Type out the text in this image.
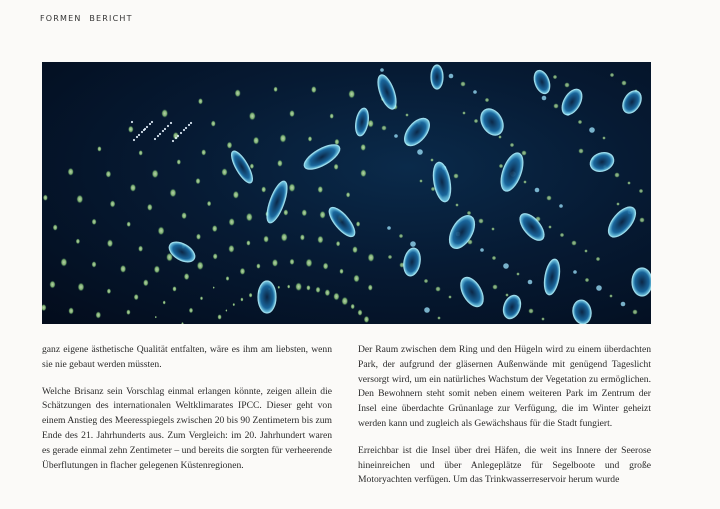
FORMEN BERICHT

ganz eigene ästhetische Qualität entfalten, wäre es ihm am liebsten, wenn sie nie gebaut werden müssten.

Welche Brisanz sein Vorschlag einmal erlangen könnte, zeigen allein die Schätzungen des internationalen Weltklimarates IPCC. Dieser geht von einem Anstieg des Meeresspiegels zwischen 20 bis 90 Zentimetern bis zum Ende des 21. Jahrhunderts aus. Zum Vergleich: im 20. Jahrhundert waren es gerade einmal zehn Zentimeter – und bereits die sorgten für verheerende Überflutungen in flacher gelegenen Küstenregionen.

Der Raum zwischen dem Ring und den Hügeln wird zu einem überdachten Park, der aufgrund der gläsernen Außenwände mit genügend Tageslicht versorgt wird, um ein natürliches Wachstum der Vegetation zu ermöglichen. Den Bewohnern steht somit neben einem weiteren Park im Zentrum der Insel eine überdachte Grünanlage zur Verfügung, die im Winter geheizt werden kann und zugleich als Gewächshaus für die Stadt fungiert.

Erreichbar ist die Insel über drei Häfen, die weit ins Innere der Seerose hineinreichen und über Anlegeplätze für Segelboote und große Motoryachten verfügen. Um das Trinkwasserreservoir herum wurde
